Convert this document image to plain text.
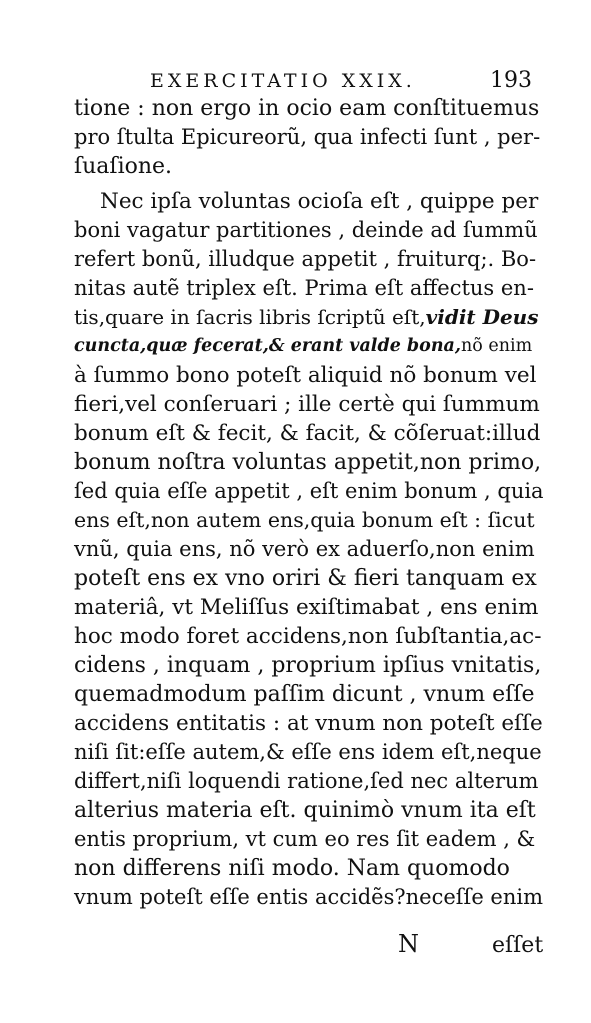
EXERCITATIO XXIX.	193
tione : non ergo in ocio eam conſtituemus
pro ſtulta Epicureorũ, qua infecti ſunt , per-
ſuaſione.
Nec ipſa voluntas ocioſa eſt , quippe per
boni vagatur partitiones , deinde ad ſummũ
refert bonũ, illudque appetit , fruiturq;. Bo-
nitas autẽ triplex eſt. Prima eſt affectus en-
tis,quare in ſacris libris ſcriptũ eſt,vidit Deus
cuncta,quæ fecerat,& erant valde bona,nõ enim
à ſummo bono poteſt aliquid nõ bonum vel
fieri,vel conſeruari ; ille certè qui ſummum
bonum eſt & fecit, & facit, & cõſeruat:illud
bonum noſtra voluntas appetit,non primo,
ſed quia eſſe appetit , eſt enim bonum , quia
ens eſt,non autem ens,quia bonum eſt : ſicut
vnũ, quia ens, nõ verò ex aduerſo,non enim
poteſt ens ex vno oriri & fieri tanquam ex
materiâ, vt Meliſſus exiſtimabat , ens enim
hoc modo foret accidens,non ſubſtantia,ac-
cidens , inquam , proprium ipſius vnitatis,
quemadmodum paſſim dicunt , vnum eſſe
accidens entitatis : at vnum non poteſt eſſe
niſi ſit:eſſe autem,& eſſe ens idem eſt,neque
differt,niſi loquendi ratione,ſed nec alterum
alterius materia eſt. quinimò vnum ita eſt
entis proprium, vt cum eo res ſit eadem , &
non differens niſi modo. Nam quomodo
vnum poteſt eſſe entis accidẽs?neceſſe enim
N	eſſet
